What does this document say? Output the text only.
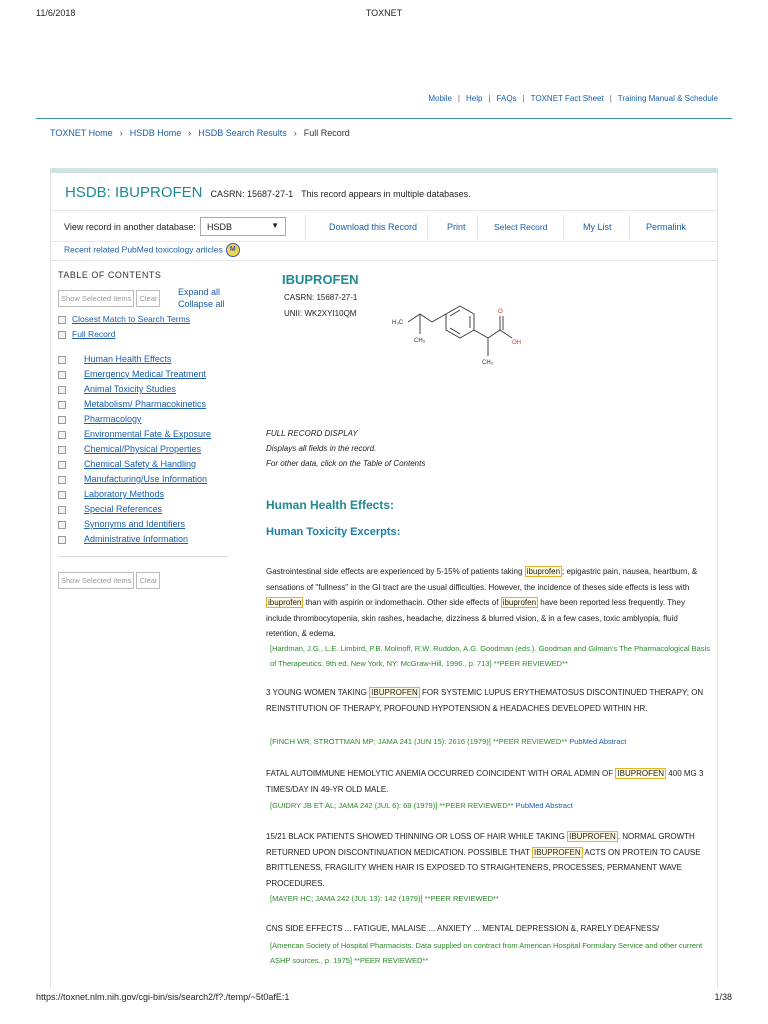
11/6/2018	TOXNET
Mobile | Help | FAQs | TOXNET Fact Sheet | Training Manual & Schedule
TOXNET Home › HSDB Home › HSDB Search Results › Full Record
HSDB: IBUPROFEN CASRN: 15687-27-1 This record appears in multiple databases.
View record in another database:	HSDB	▼	Download this Record	Print	Select Record	My List	Permalink
Recent related PubMed toxicology articles M
TABLE OF CONTENTS
Expand all
Collapse all
Show Selected Items Clear
Closest Match to Search Terms
Full Record
Human Health Effects
Emergency Medical Treatment
Animal Toxicity Studies
Metabolism/ Pharmacokinetics
Pharmacology
Environmental Fate & Exposure
Chemical/Physical Properties
Chemical Safety & Handling
Manufacturing/Use Information
Laboratory Methods
Special References
Synonyms and Identifiers
Administrative Information
Show Selected Items Clear
IBUPROFEN
CASRN: 15687-27-1
UNII: WK2XYI10QM
H₃C
CH₃
O
OH
CH₃
FULL RECORD DISPLAY
Displays all fields in the record.
For other data, click on the Table of Contents
Human Health Effects:
Human Toxicity Excerpts:
Gastrointestinal side effects are experienced by 5-15% of patients taking ibuprofen ; epigastric pain, nausea, heartburn, & sensations of "fullness" in the GI tract are the usual difficulties. However, the incidence of theses side effects is less with ibuprofen than with aspirin or indomethacin. Other side effects of ibuprofen have been reported less frequently. They include thrombocytopenia, skin rashes, headache, dizziness & blurred vision, & in a few cases, toxic amblyopia, fluid retention, & edema.
[Hardman, J.G., L.E. Limbird, P.B. Molinoff, R.W. Ruddon, A.G. Goodman (eds.). Goodman and Gilman's The Pharmacological Basis of Therapeutics. 9th ed. New York, NY: McGraw-Hill, 1996., p. 713] **PEER REVIEWED**
3 YOUNG WOMEN TAKING IBUPROFEN FOR SYSTEMIC LUPUS ERYTHEMATOSUS DISCONTINUED THERAPY; ON REINSTITUTION OF THERAPY, PROFOUND HYPOTENSION & HEADACHES DEVELOPED WITHIN HR.
[FINCH WR, STROTTMAN MP; JAMA 241 (JUN 15): 2616 (1979)] **PEER REVIEWED** PubMed Abstract
FATAL AUTOIMMUNE HEMOLYTIC ANEMIA OCCURRED COINCIDENT WITH ORAL ADMIN OF IBUPROFEN 400 MG 3 TIMES/DAY IN 49-YR OLD MALE.
[GUIDRY JB ET AL; JAMA 242 (JUL 6): 68 (1979)] **PEER REVIEWED** PubMed Abstract
15/21 BLACK PATIENTS SHOWED THINNING OR LOSS OF HAIR WHILE TAKING IBUPROFEN . NORMAL GROWTH RETURNED UPON DISCONTINUATION MEDICATION. POSSIBLE THAT IBUPROFEN ACTS ON PROTEIN TO CAUSE BRITTLENESS, FRAGILITY WHEN HAIR IS EXPOSED TO STRAIGHTENERS, PROCESSES, PERMANENT WAVE PROCEDURES.
[MAYER HC; JAMA 242 (JUL 13): 142 (1979)] **PEER REVIEWED**
CNS SIDE EFFECTS ... FATIGUE, MALAISE ... ANXIETY ... MENTAL DEPRESSION &, RARELY DEAFNESS/
[American Society of Hospital Pharmacists. Data supplied on contract from American Hospital Formulary Service and other current ASHP sources., p. 1975] **PEER REVIEWED**
https://toxnet.nlm.nih.gov/cgi-bin/sis/search2/f?./temp/~5t0afE:1	1/38
